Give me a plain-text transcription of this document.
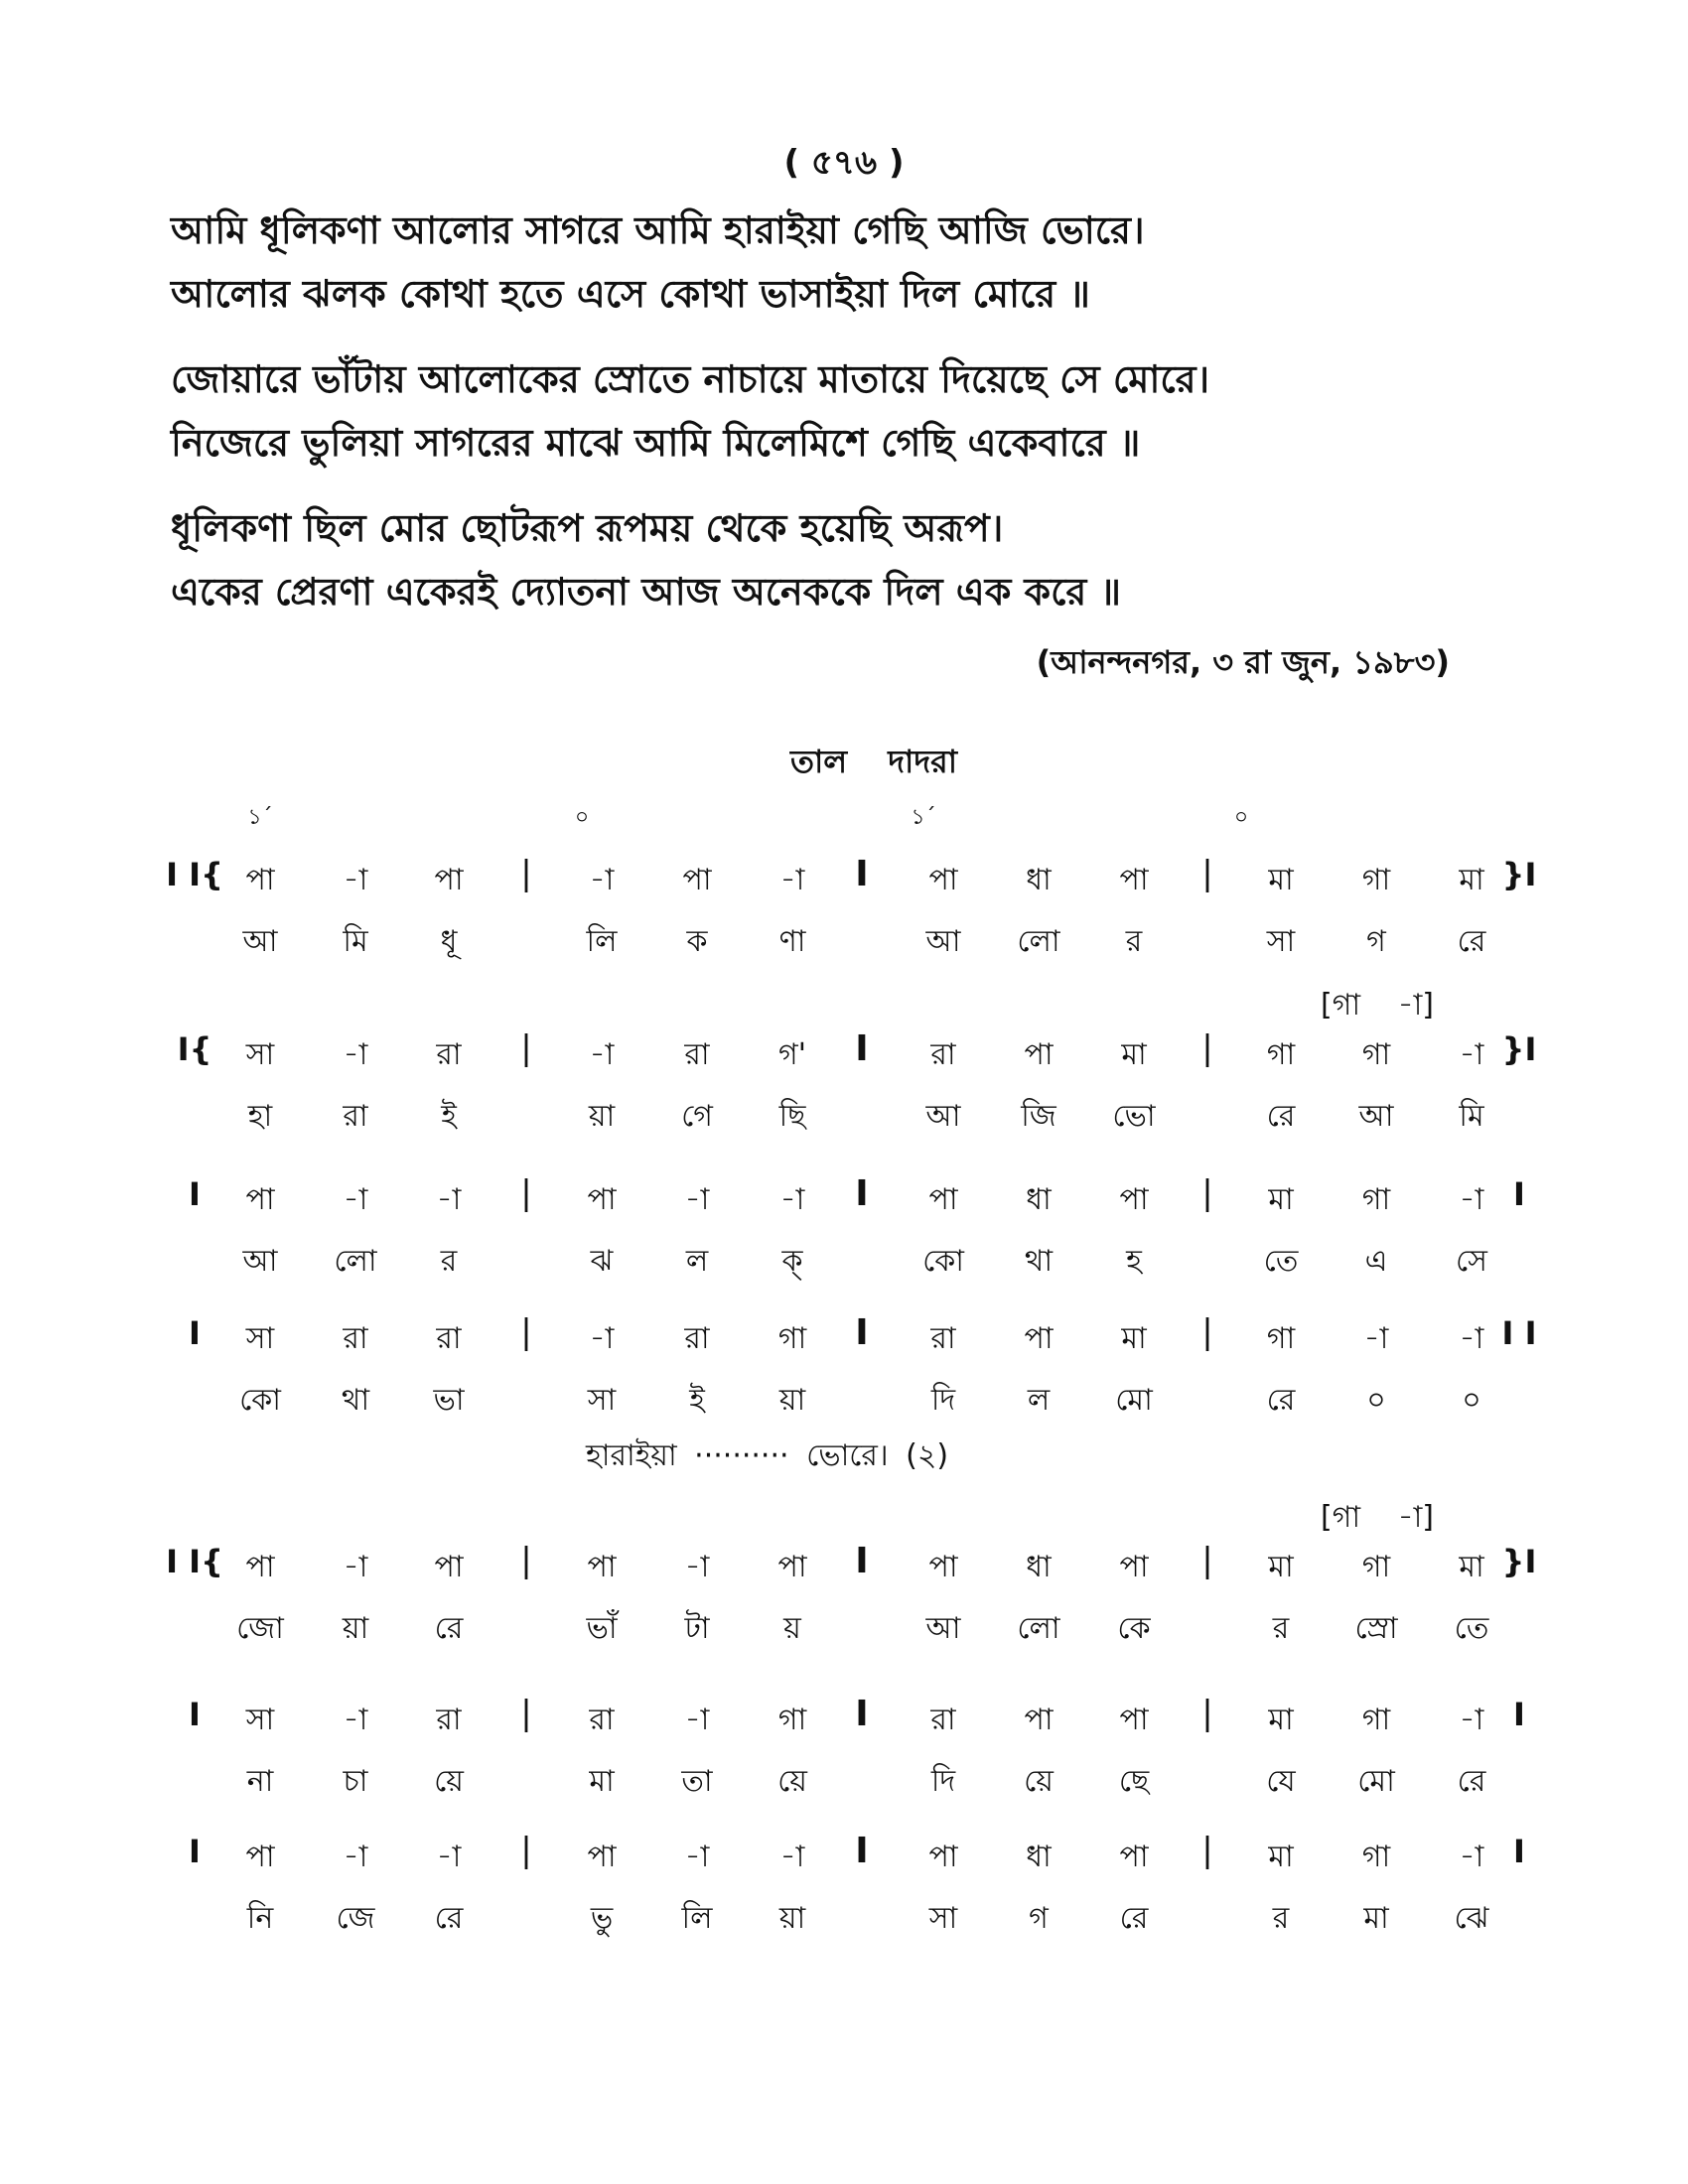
( ৫৭৬ )
আমি ধূলিকণা আলোর সাগরে আমি হারাইয়া গেছি আজি ভোরে।
আলোর ঝলক কোথা হতে এসে কোথা ভাসাইয়া দিল মোরে ॥
জোয়ারে ভাঁটায় আলোকের স্রোতে নাচায়ে মাতায়ে দিয়েছে সে মোরে।
নিজেরে ভুলিয়া সাগরের মাঝে আমি মিলেমিশে গেছি একেবারে ॥
ধূলিকণা ছিল মোর ছোটরূপ রূপময় থেকে হয়েছি অরূপ।
একের প্রেরণা একেরই দ্যোতনা আজ অনেককে দিল এক করে ॥
(আনন্দনগর, ৩ রা জুন, ১৯৮৩)
তাল দাদরা
১´	০	১´	০
I I{ পা	-া	পা	-া	পা	-া	পা	ধা	পা	মা	গা	মা
|	I	|	}I
আ	মি	ধূ	লি	ক	ণা	আ	লো	র	সা	গ	রে
I{	সা	-া	রা	-া	রা	গ'	রা	পা	মা	গা	গা	-া
|	I	|	}I
হা	রা	ই	য়া	গে	ছি	আ	জি	ভো	রে	আ	মি
[গা -া]
I	পা	-া	-া	পা	-া	-া	পা	ধা	পা	মা	গা	-া
|	I	|	I
আ	লো	র	ঝ	ল	ক্	কো	থা	হ	তে	এ	সে
I	সা	রা	রা	-া	রা	গা	রা	পা	মা	গা	-া	-া
|	I	|	I I
কো	থা	ভা	সা	ই	য়া	দি	ল	মো	রে	০	০
I I{ পা	-া	পা	পা	-া	পা	পা	ধা	পা	মা	গা	মা
|	I	|	}I
জো	য়া	রে	ভাঁ	টা	য়	আ	লো	কে	র	স্রো	তে
[গা -া]
I	সা	-া	রা	রা	-া	গা	রা	পা	পা	মা	গা	-া
|	I	|	I
না	চা	য়ে	মা	তা	য়ে	দি	য়ে	ছে	যে	মো	রে
I	পা	-া	-া	পা	-া	-া	পা	ধা	পা	মা	গা	-া
|	I	|	I
নি	জে	রে	ভু	লি	য়া	সা	গ	রে	র	মা	ঝে
হারাইয়া ·········· ভোরে। (২)
